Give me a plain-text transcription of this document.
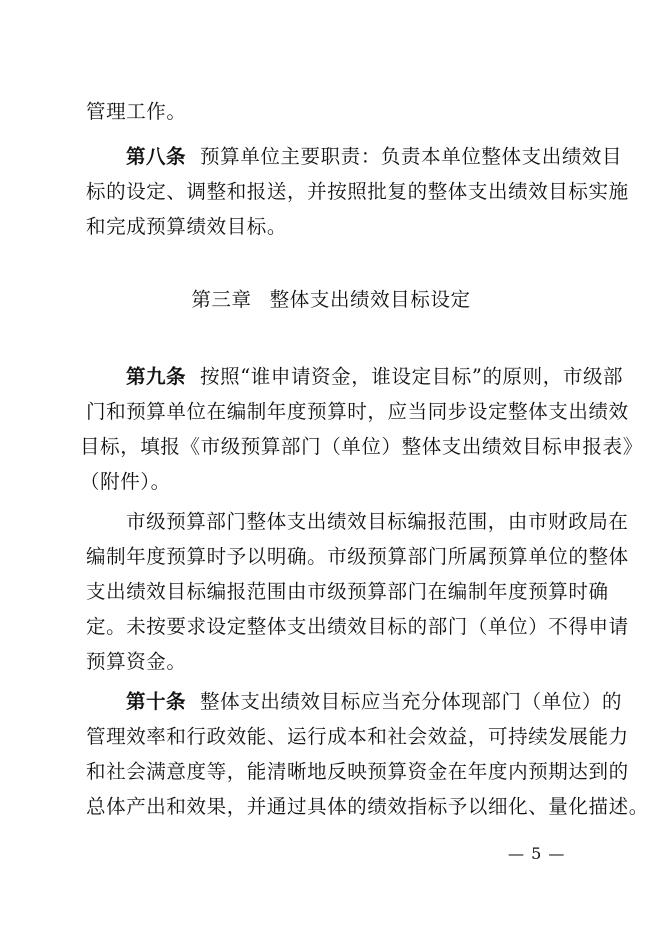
管理工作。
第八条 预算单位主要职责：负责本单位整体支出绩效目
标的设定、调整和报送，并按照批复的整体支出绩效目标实施
和完成预算绩效目标。
第三章 整体支出绩效目标设定
第九条 按照“谁申请资金，谁设定目标”的原则，市级部
门和预算单位在编制年度预算时，应当同步设定整体支出绩效
目标，填报《市级预算部门（单位）整体支出绩效目标申报表》
（附件）。
市级预算部门整体支出绩效目标编报范围，由市财政局在
编制年度预算时予以明确。市级预算部门所属预算单位的整体
支出绩效目标编报范围由市级预算部门在编制年度预算时确
定。未按要求设定整体支出绩效目标的部门（单位）不得申请
预算资金。
第十条 整体支出绩效目标应当充分体现部门（单位）的
管理效率和行政效能、运行成本和社会效益，可持续发展能力
和社会满意度等，能清晰地反映预算资金在年度内预期达到的
总体产出和效果，并通过具体的绩效指标予以细化、量化描述。
— 5 —
